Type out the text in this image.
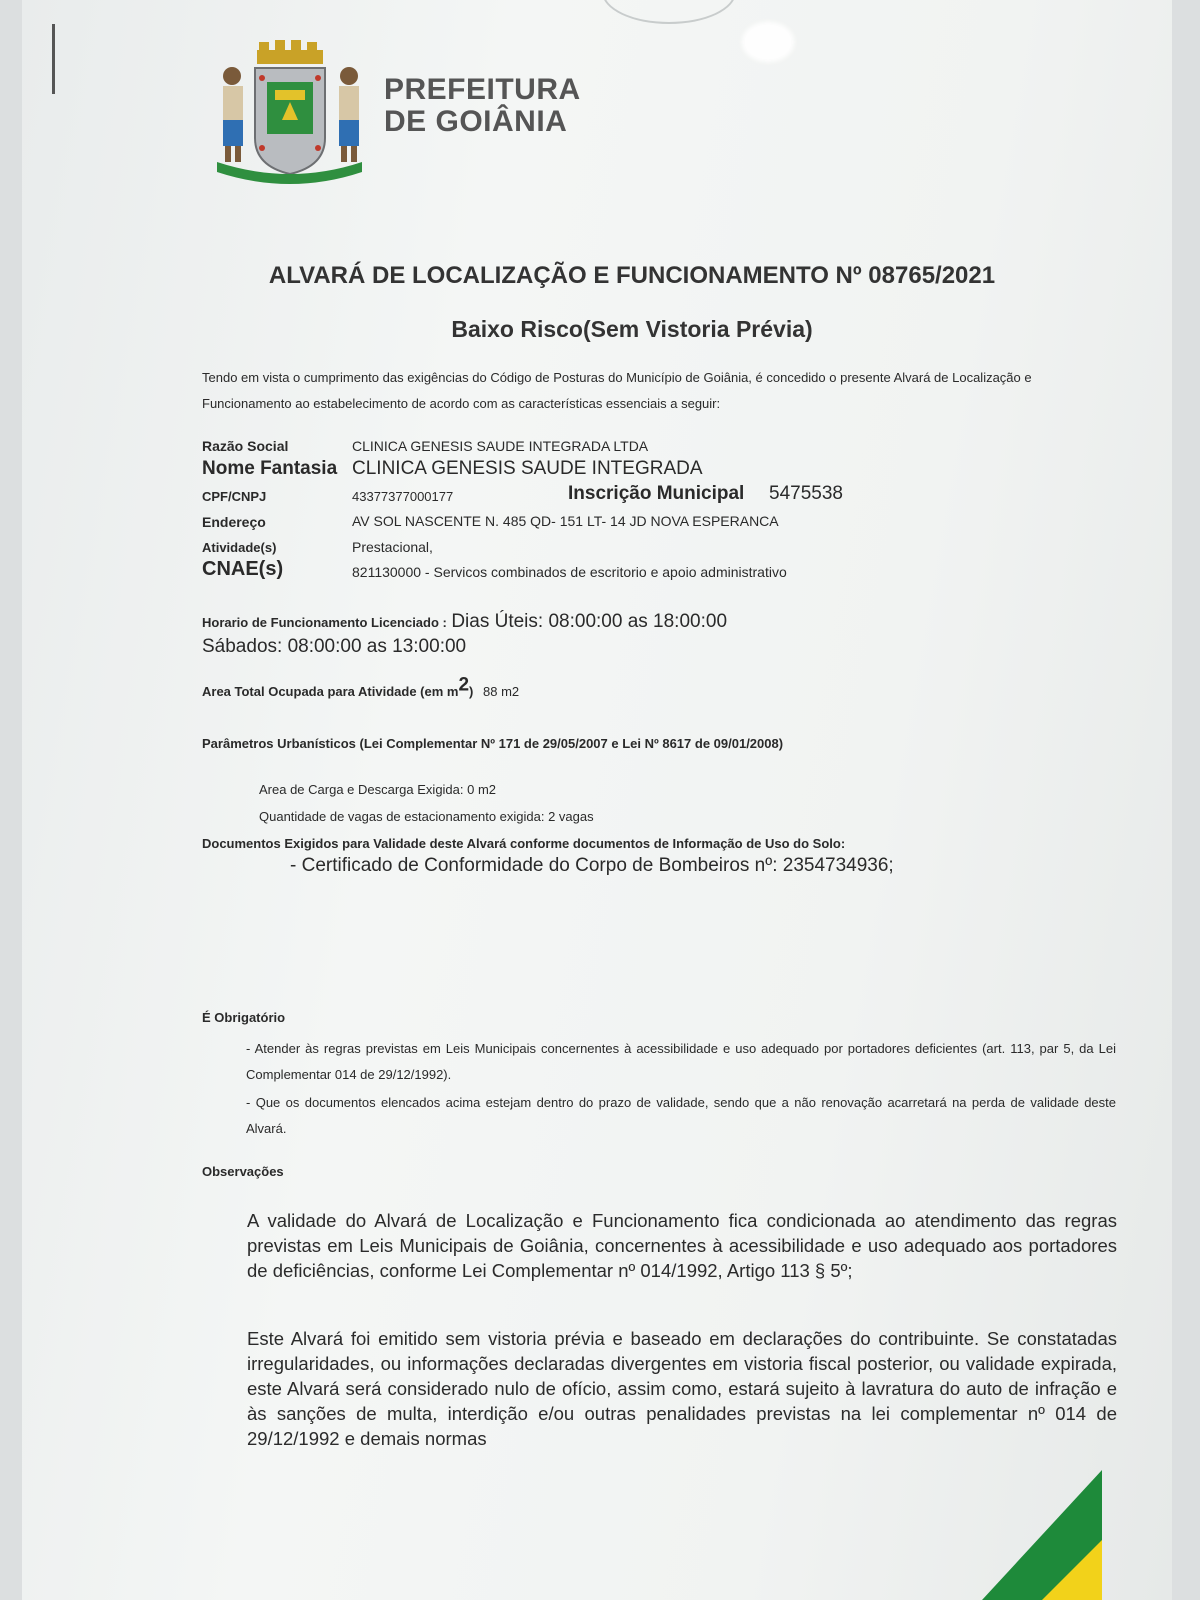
PREFEITURA
DE GOIÂNIA
ALVARÁ DE LOCALIZAÇÃO E FUNCIONAMENTO Nº 08765/2021
Baixo Risco(Sem Vistoria Prévia)
Tendo em vista o cumprimento das exigências do Código de Posturas do Município de Goiânia, é concedido o presente Alvará de Localização e Funcionamento ao estabelecimento de acordo com as características essenciais a seguir:
Razão Social	CLINICA GENESIS SAUDE INTEGRADA LTDA
Nome Fantasia CLINICA GENESIS SAUDE INTEGRADA
CPF/CNPJ	43377377000177	Inscrição Municipal 5475538
Endereço	AV SOL NASCENTE N. 485 QD- 151 LT- 14 JD NOVA ESPERANCA
Atividade(s)	Prestacional,
CNAE(s)	821130000 - Servicos combinados de escritorio e apoio administrativo
Horario de Funcionamento Licenciado : Dias Úteis: 08:00:00 as 18:00:00
Sábados: 08:00:00 as 13:00:00
Area Total Ocupada para Atividade (em $m^2$) 88 m2
Parâmetros Urbanísticos (Lei Complementar Nº 171 de 29/05/2007 e Lei Nº 8617 de 09/01/2008)
Area de Carga e Descarga Exigida: 0 m2
Quantidade de vagas de estacionamento exigida: 2 vagas
Documentos Exigidos para Validade deste Alvará conforme documentos de Informação de Uso do Solo:
- Certificado de Conformidade do Corpo de Bombeiros nº: 2354734936;
É Obrigatório
- Atender às regras previstas em Leis Municipais concernentes à acessibilidade e uso adequado por portadores deficientes (art. 113, par 5, da Lei Complementar 014 de 29/12/1992).
- Que os documentos elencados acima estejam dentro do prazo de validade, sendo que a não renovação acarretará na perda de validade deste Alvará.
Observações
A validade do Alvará de Localização e Funcionamento fica condicionada ao atendimento das regras previstas em Leis Municipais de Goiânia, concernentes à acessibilidade e uso adequado aos portadores de deficiências, conforme Lei Complementar nº 014/1992, Artigo 113 § 5º;
Este Alvará foi emitido sem vistoria prévia e baseado em declarações do contribuinte. Se constatadas irregularidades, ou informações declaradas divergentes em vistoria fiscal posterior, ou validade expirada, este Alvará será considerado nulo de ofício, assim como, estará sujeito à lavratura do auto de infração e às sanções de multa, interdição e/ou outras penalidades previstas na lei complementar nº 014 de 29/12/1992 e demais normas
